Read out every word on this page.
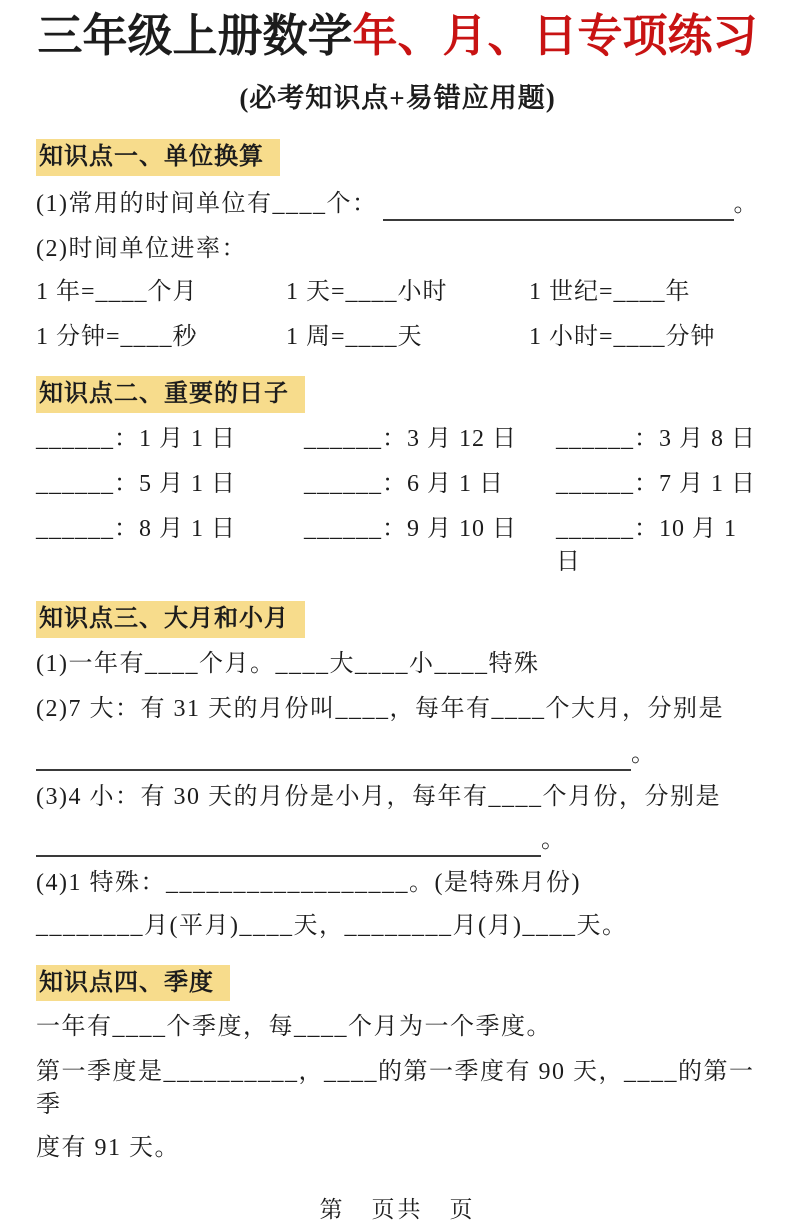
三年级上册数学年、月、日专项练习
(必考知识点+易错应用题)
知识点一、单位换算
(1)常用的时间单位有____个：	。
(2)时间单位进率：
1 年=____个月	1 天=____小时	1 世纪=____年
1 分钟=____秒	1 周=____天	1 小时=____分钟
知识点二、重要的日子
______：1 月 1 日	______：3 月 12 日	______：3 月 8 日
______：5 月 1 日	______：6 月 1 日	______：7 月 1 日
______：8 月 1 日	______：9 月 10 日	______：10 月 1 日
知识点三、大月和小月
(1)一年有____个月。____大____小____特殊
(2)7 大：有 31 天的月份叫____，每年有____个大月，分别是
。
(3)4 小：有 30 天的月份是小月，每年有____个月份，分别是
。
(4)1 特殊：__________________。(是特殊月份)
________月(平月)____天，________月(月)____天。
知识点四、季度
一年有____个季度，每____个月为一个季度。
第一季度是__________，____的第一季度有 90 天，____的第一季
度有 91 天。
第　页共　页
